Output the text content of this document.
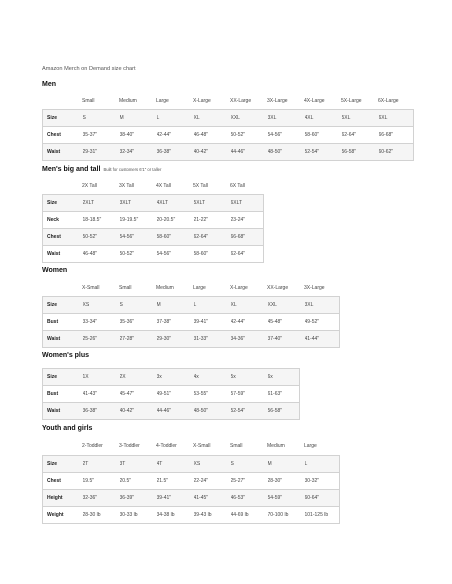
Amazon Merch on Demand size chart
Men
Small	Medium	Large	X-Large	XX-Large	3X-Large	4X-Large	5X-Large	6X-Large
Size	S	M	L	XL	XXL	3XL	4XL	5XL	6XL
Chest	35-37"	38-40"	42-44"	46-48"	50-52"	54-56"	58-60"	62-64"	66-68"
Waist	29-31"	32-34"	36-38"	40-42"	44-46"	48-50"	52-54"	56-58"	60-62"
Men's big and tall Built for customers 6'1" or taller
2X Tall	3X Tall	4X Tall	5X Tall	6X Tall
Size	2XLT	3XLT	4XLT	5XLT	6XLT
Neck	18-18.5"	19-19.5"	20-20.5"	21-22"	23-24"
Chest	50-52"	54-56"	58-60"	62-64"	66-68"
Waist	46-48"	50-52"	54-56"	58-60"	62-64"
Women
X-Small	Small	Medium	Large	X-Large	XX-Large	3X-Large
Size	XS	S	M	L	XL	XXL	3XL
Bust	33-34"	35-36"	37-38"	39-41"	42-44"	45-48"	49-52"
Waist	25-26"	27-28"	29-30"	31-33"	34-36"	37-40"	41-44"
Women's plus
Size	1X	2X	3x	4x	5x	6x
Bust	41-43"	45-47"	49-51"	53-55"	57-59"	61-63"
Waist	36-38"	40-42"	44-46"	48-50"	52-54"	56-58"
Youth and girls
2-Toddler	3-Toddler	4-Toddler	X-Small	Small	Medium	Large
Size	2T	3T	4T	XS	S	M	L
Chest	19.5"	20.5"	21.5"	22-24"	25-27"	28-30"	30-32"
Height	32-36"	36-39"	39-41"	41-45"	46-53"	54-59"	60-64"
Weight	28-30 lb	30-33 lb	34-38 lb	39-43 lb	44-69 lb	70-100 lb	101-125 lb
